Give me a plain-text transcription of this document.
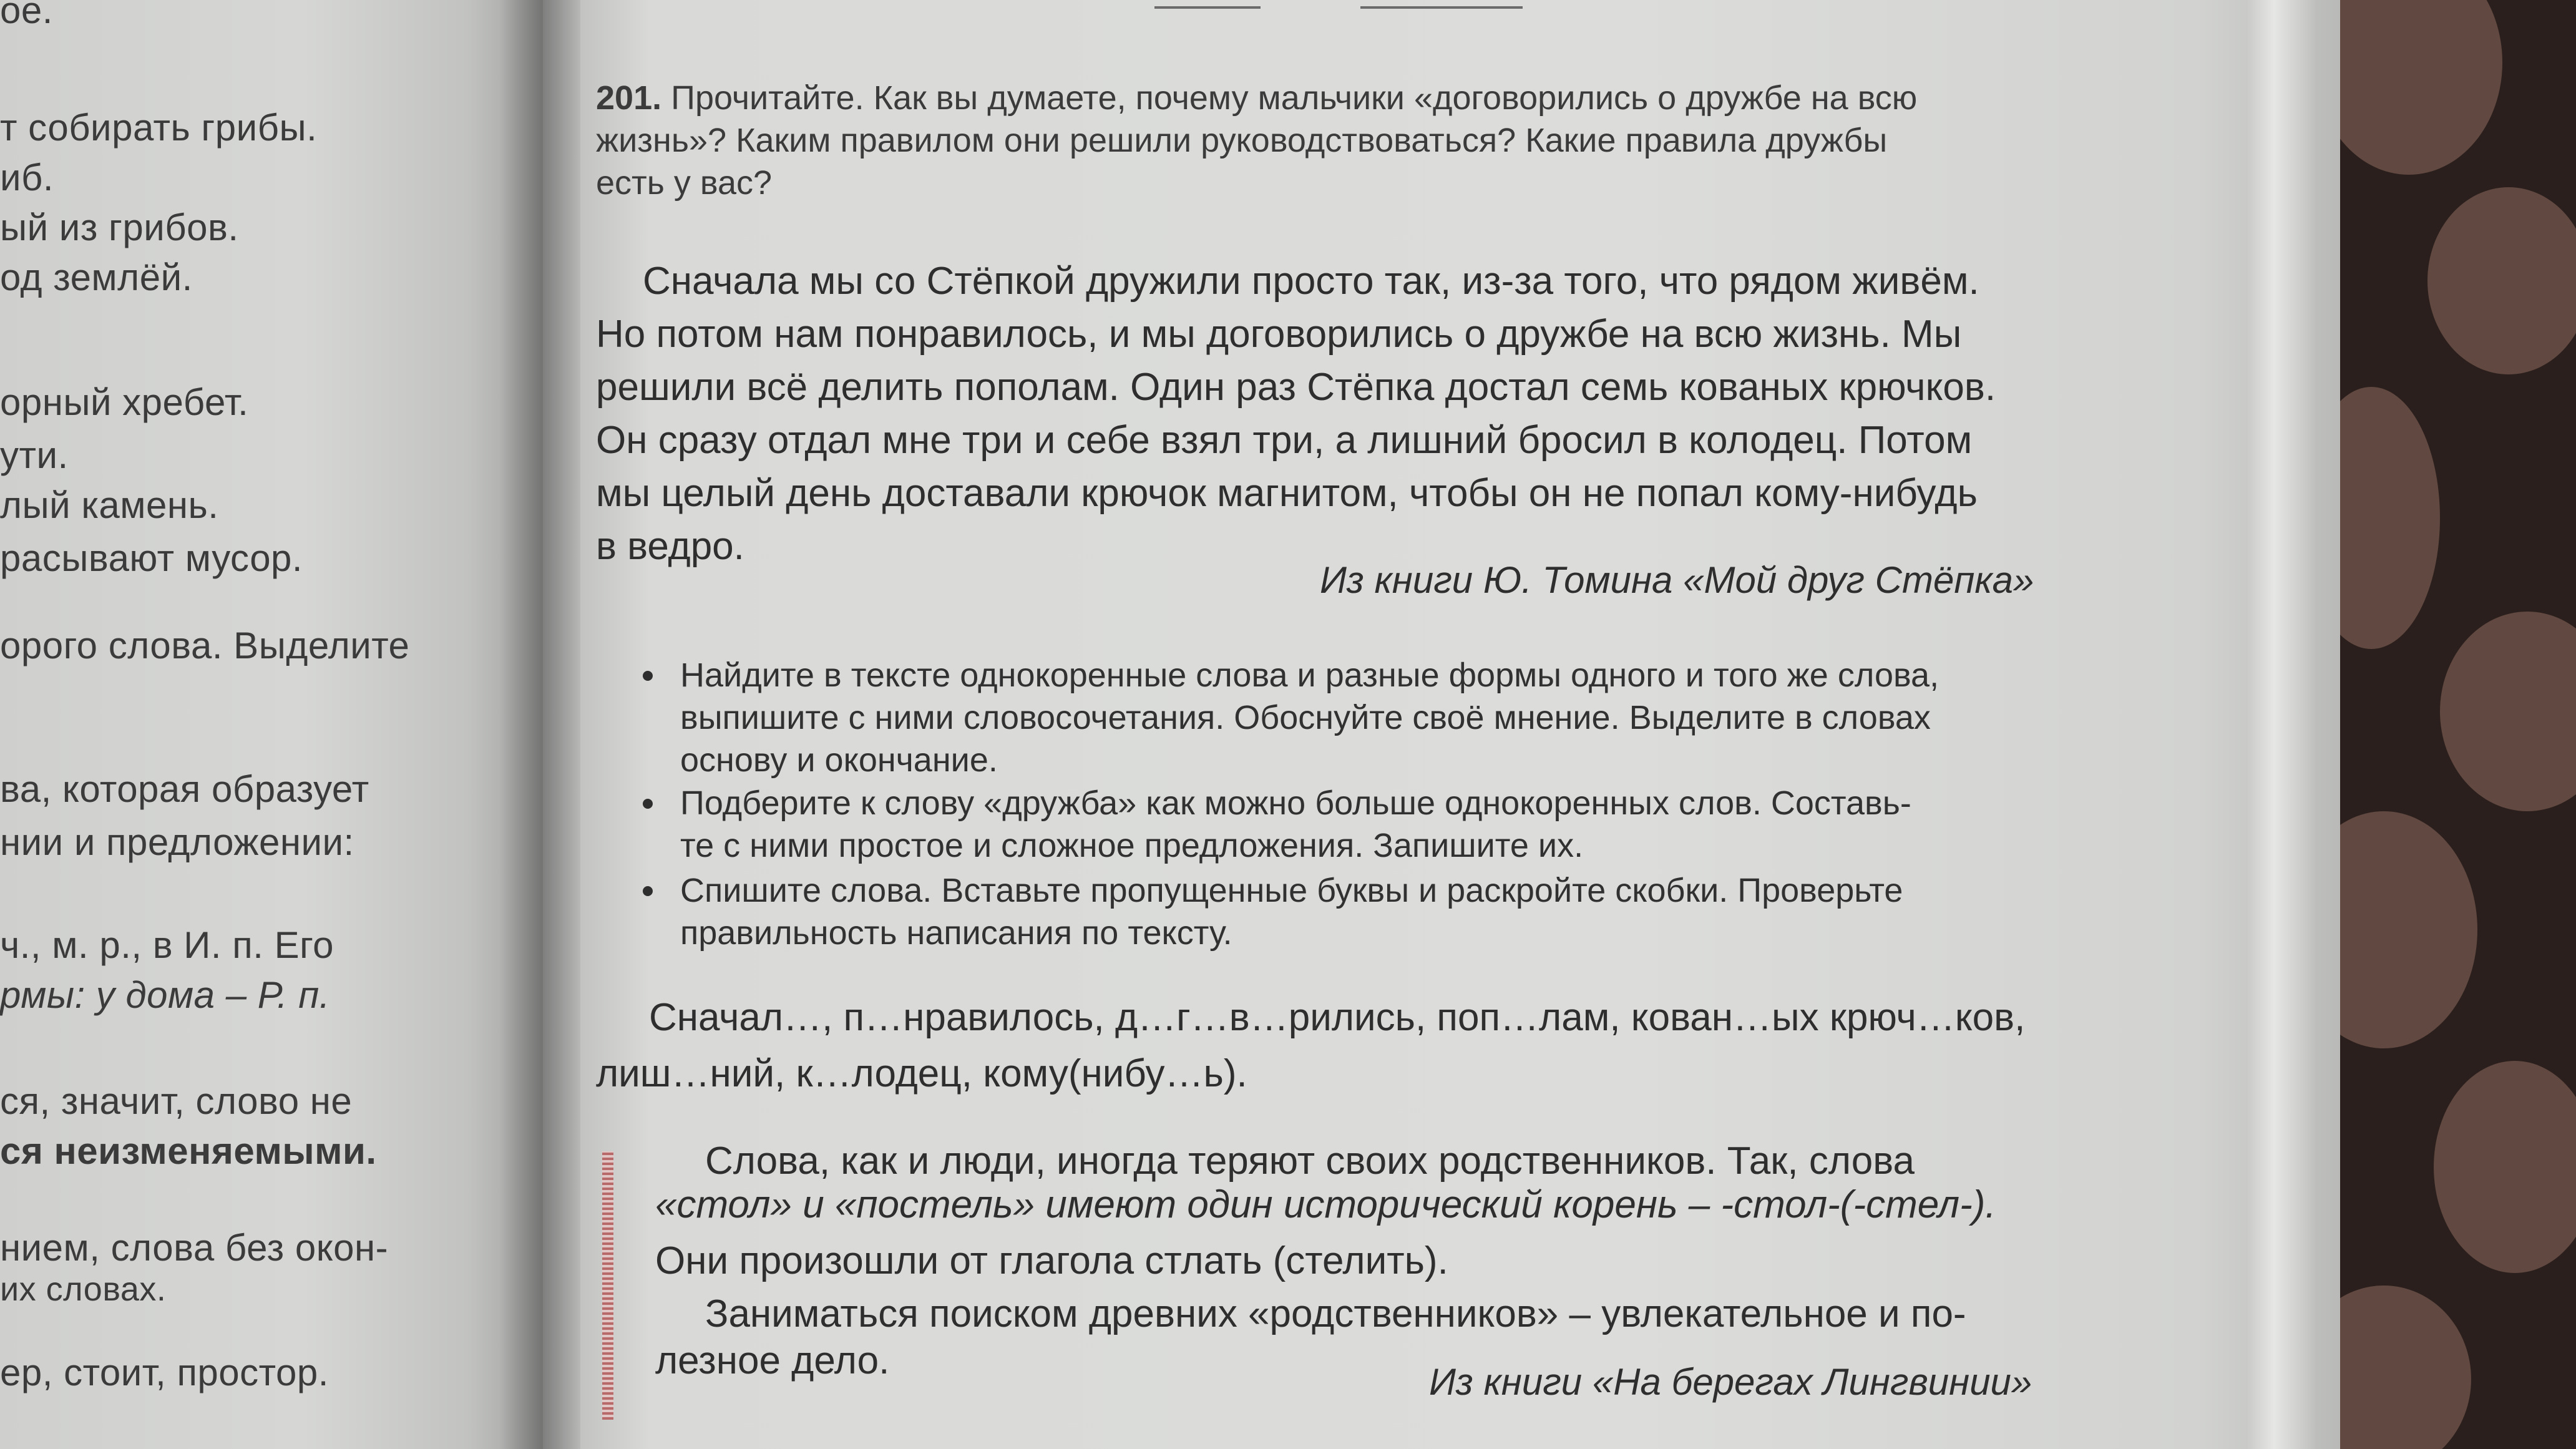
ое.
т собирать грибы.
иб.
ый из грибов.
од землёй.
орный хребет.
ути.
лый камень.
расывают мусор.
орого слова. Выделите
ва, которая образует
нии и предложении:
ч., м. р., в И. п. Его
рмы: у дома – Р. п.
ся, значит, слово не
ся неизменяемыми.
нием, слова без окон-
их словах.
ер, стоит, простор.
201. Прочитайте. Как вы думаете, почему мальчики «договорились о дружбе на всю
жизнь»? Каким правилом они решили руководствоваться? Какие правила дружбы
есть у вас?
Сначала мы со Стёпкой дружили просто так, из-за того, что рядом живём.
Но потом нам понравилось, и мы договорились о дружбе на всю жизнь. Мы
решили всё делить пополам. Один раз Стёпка достал семь кованых крючков.
Он сразу отдал мне три и себе взял три, а лишний бросил в колодец. Потом
мы целый день доставали крючок магнитом, чтобы он не попал кому-нибудь
в ведро.
Из книги Ю. Томина «Мой друг Стёпка»
Найдите в тексте однокоренные слова и разные формы одного и того же слова,
выпишите с ними словосочетания. Обоснуйте своё мнение. Выделите в словах
основу и окончание.
Подберите к слову «дружба» как можно больше однокоренных слов. Составь-
те с ними простое и сложное предложения. Запишите их.
Спишите слова. Вставьте пропущенные буквы и раскройте скобки. Проверьте
правильность написания по тексту.
Сначал…, п…нравилось, д…г…в…рились, поп…лам, кован…ых крюч…ков,
лиш…ний, к…лодец, кому(нибу…ь).
Слова, как и люди, иногда теряют своих родственников. Так, слова
«стол» и «постель» имеют один исторический корень – -стол-(-стел-).
Они произошли от глагола стлать (стелить).
Заниматься поиском древних «родственников» – увлекательное и по-
лезное дело.	Из книги «На берегах Лингвинии»
